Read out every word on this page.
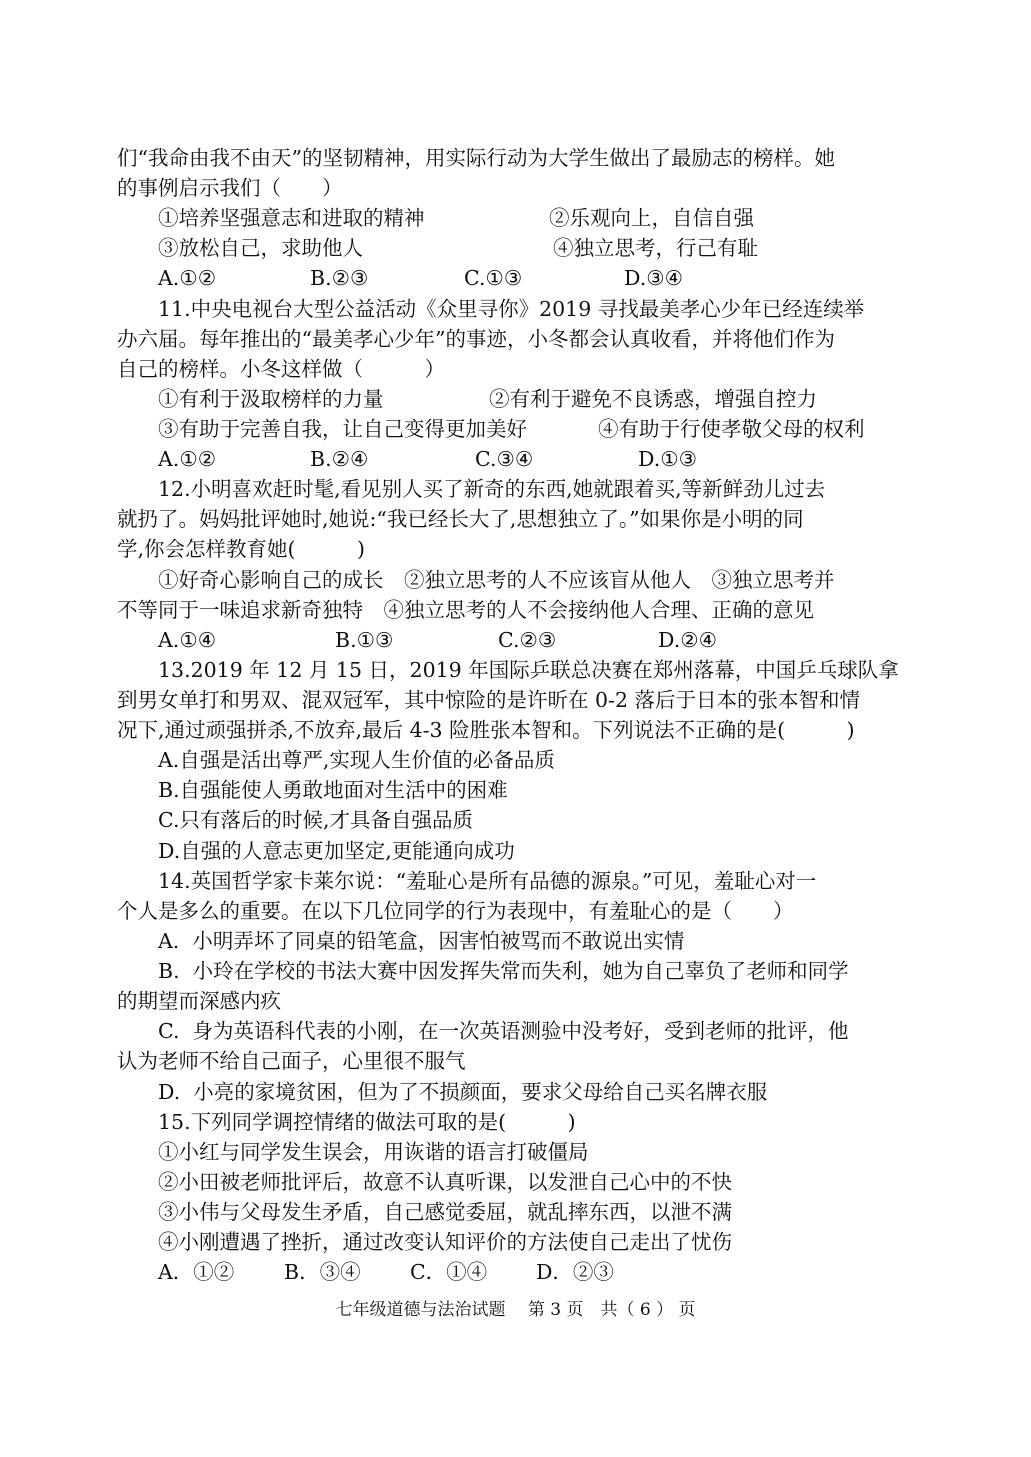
们“我命由我不由天”的坚韧精神，用实际行动为大学生做出了最励志的榜样。她
的事例启示我们（　　）
①培养坚强意志和进取的精神	②乐观向上，自信自强
③放松自己，求助他人	④独立思考，行己有耻
A.①②	B.②③	C.①③	D.③④
11.中央电视台大型公益活动《众里寻你》2019 寻找最美孝心少年已经连续举
办六届。每年推出的“最美孝心少年”的事迹，小冬都会认真收看，并将他们作为
自己的榜样。小冬这样做（　　　）
①有利于汲取榜样的力量	②有利于避免不良诱惑，增强自控力
③有助于完善自我，让自己变得更加美好	④有助于行使孝敬父母的权利
A.①②	B.②④	C.③④	D.①③
12.小明喜欢赶时髦,看见别人买了新奇的东西,她就跟着买,等新鲜劲儿过去
就扔了。妈妈批评她时,她说:“我已经长大了,思想独立了。”如果你是小明的同
学,你会怎样教育她(　　　)
①好奇心影响自己的成长　②独立思考的人不应该盲从他人　③独立思考并
不等同于一味追求新奇独特　④独立思考的人不会接纳他人合理、正确的意见
A.①④	B.①③	C.②③	D.②④
13.2019 年 12 月 15 日，2019 年国际乒联总决赛在郑州落幕，中国乒乓球队拿
到男女单打和男双、混双冠军，其中惊险的是许昕在 0-2 落后于日本的张本智和情
况下,通过顽强拼杀,不放弃,最后 4-3 险胜张本智和。下列说法不正确的是(　　　)
A.自强是活出尊严,实现人生价值的必备品质
B.自强能使人勇敢地面对生活中的困难
C.只有落后的时候,才具备自强品质
D.自强的人意志更加坚定,更能通向成功
14.英国哲学家卡莱尔说：“羞耻心是所有品德的源泉。”可见，羞耻心对一
个人是多么的重要。在以下几位同学的行为表现中，有羞耻心的是（　　）
A.  小明弄坏了同桌的铅笔盒，因害怕被骂而不敢说出实情
B.  小玲在学校的书法大赛中因发挥失常而失利，她为自己辜负了老师和同学
的期望而深感内疚
C.  身为英语科代表的小刚，在一次英语测验中没考好，受到老师的批评，他
认为老师不给自己面子，心里很不服气
D.  小亮的家境贫困，但为了不损颜面，要求父母给自己买名牌衣服
15.下列同学调控情绪的做法可取的是(　　　)
①小红与同学发生误会，用诙谐的语言打破僵局
②小田被老师批评后，故意不认真听课，以发泄自己心中的不快
③小伟与父母发生矛盾，自己感觉委屈，就乱摔东西，以泄不满
④小刚遭遇了挫折，通过改变认知评价的方法使自己走出了忧伤
A．①② B．③④ C．①④ D．②③
七年级道德与法治试题　 第 3 页　共（ 6 ） 页
